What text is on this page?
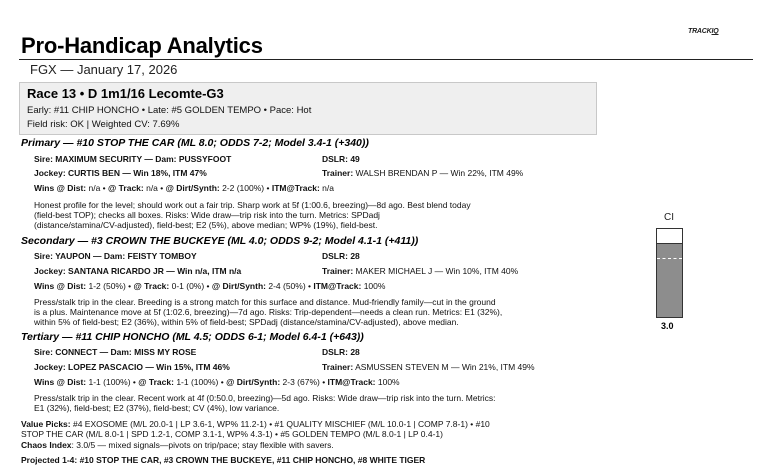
TRACKIQ
Pro-Handicap Analytics
FGX — January 17, 2026
Race 13 • D 1m1/16 Lecomte-G3
Early: #11 CHIP HONCHO • Late: #5 GOLDEN TEMPO • Pace: Hot
Field risk: OK | Weighted CV: 7.69%
Primary — #10 STOP THE CAR (ML 8.0; ODDS 7-2; Model 3.4-1 (+340))
Sire: MAXIMUM SECURITY — Dam: PUSSYFOOT	DSLR: 49
Jockey: CURTIS BEN — Win 18%, ITM 47%	Trainer: WALSH BRENDAN P — Win 22%, ITM 49%
Wins @ Dist: n/a • @ Track: n/a • @ Dirt/Synth: 2-2 (100%) • ITM@Track: n/a
Honest profile for the level; should work out a fair trip. Sharp work at 5f (1:00.6, breezing)—8d ago. Best blend today
(field-best TOP); checks all boxes. Risks: Wide draw—trip risk into the turn. Metrics: SPDadj
(distance/stamina/CV-adjusted), field-best; E2 (5%), above median; WP% (19%), field-best.
Secondary — #3 CROWN THE BUCKEYE (ML 4.0; ODDS 9-2; Model 4.1-1 (+411))
Sire: YAUPON — Dam: FEISTY TOMBOY	DSLR: 28
Jockey: SANTANA RICARDO JR — Win n/a, ITM n/a	Trainer: MAKER MICHAEL J — Win 10%, ITM 40%
Wins @ Dist: 1-2 (50%) • @ Track: 0-1 (0%) • @ Dirt/Synth: 2-4 (50%) • ITM@Track: 100%
Press/stalk trip in the clear. Breeding is a strong match for this surface and distance. Mud-friendly family—cut in the ground
is a plus. Maintenance move at 5f (1:02.6, breezing)—7d ago. Risks: Trip-dependent—needs a clean run. Metrics: E1 (32%),
within 5% of field-best; E2 (36%), within 5% of field-best; SPDadj (distance/stamina/CV-adjusted), above median.
Tertiary — #11 CHIP HONCHO (ML 4.5; ODDS 6-1; Model 6.4-1 (+643))
Sire: CONNECT — Dam: MISS MY ROSE	DSLR: 28
Jockey: LOPEZ PASCACIO — Win 15%, ITM 46%	Trainer: ASMUSSEN STEVEN M — Win 21%, ITM 49%
Wins @ Dist: 1-1 (100%) • @ Track: 1-1 (100%) • @ Dirt/Synth: 2-3 (67%) • ITM@Track: 100%
Press/stalk trip in the clear. Recent work at 4f (0:50.0, breezing)—5d ago. Risks: Wide draw—trip risk into the turn. Metrics:
E1 (32%), field-best; E2 (37%), field-best; CV (4%), low variance.
Value Picks: #4 EXOSOME (M/L 20.0-1 | LP 3.6-1, WP% 11.2-1) • #1 QUALITY MISCHIEF (M/L 10.0-1 | COMP 7.8-1) • #10
STOP THE CAR (M/L 8.0-1 | SPD 1.2-1, COMP 3.1-1, WP% 4.3-1) • #5 GOLDEN TEMPO (M/L 8.0-1 | LP 0.4-1)
Chaos Index: 3.0/5 — mixed signals—pivots on trip/pace; stay flexible with savers.
Projected 1-4: #10 STOP THE CAR, #3 CROWN THE BUCKEYE, #11 CHIP HONCHO, #8 WHITE TIGER
CI
3.0
